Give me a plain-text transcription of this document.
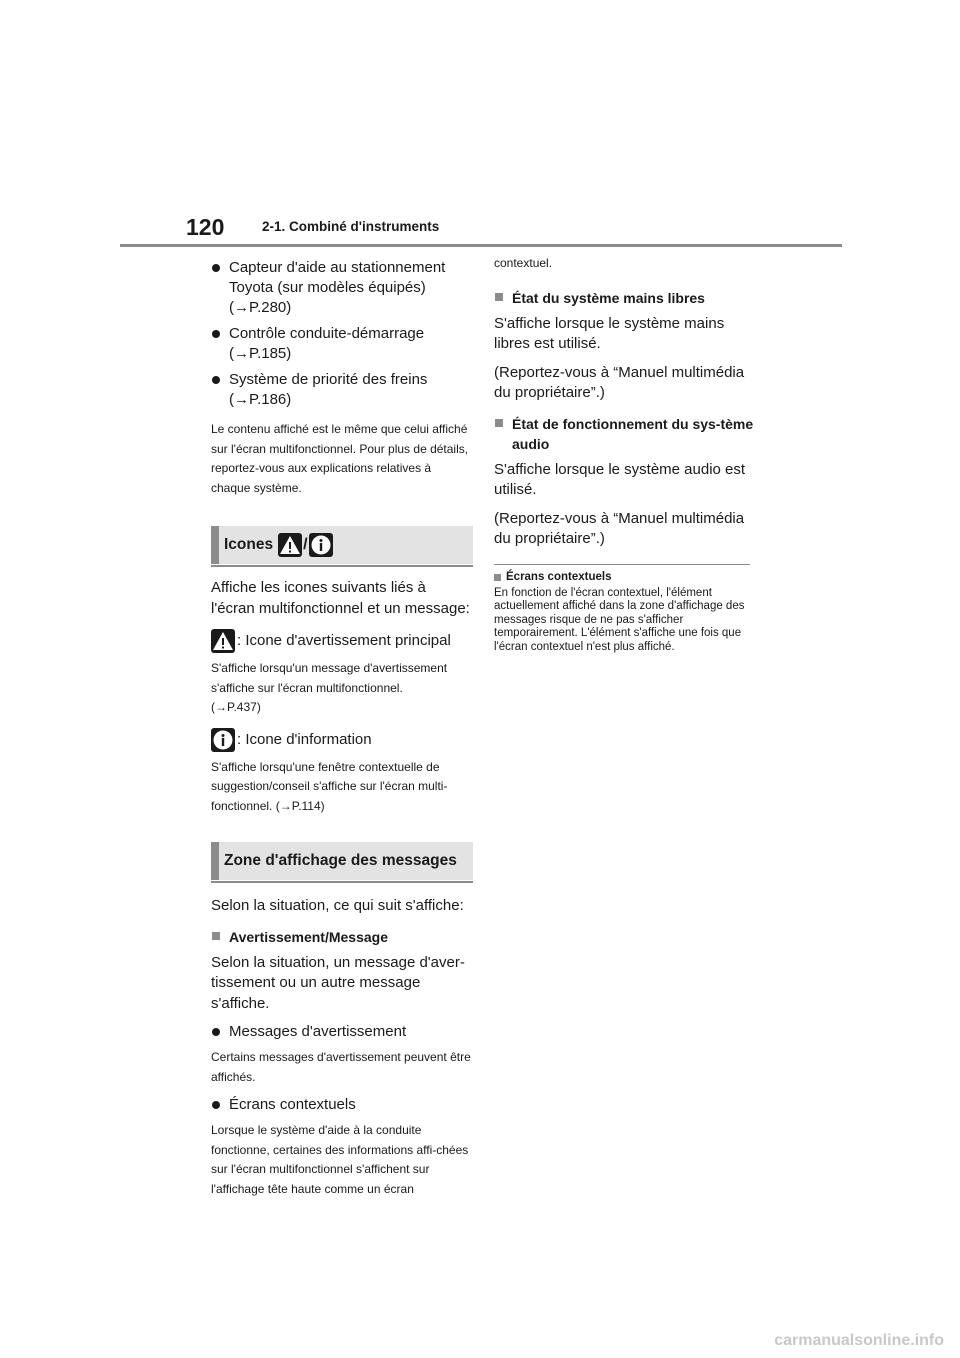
120	2-1. Combiné d'instruments
Capteur d'aide au stationnement Toyota (sur modèles équipés)
(→P.280)
Contrôle conduite-démarrage
(→P.185)
Système de priorité des freins
(→P.186)
Le contenu affiché est le même que celui affiché sur l'écran multifonctionnel. Pour plus de détails, reportez-vous aux explications relatives à chaque système.
Icones /
Affiche les icones suivants liés à l'écran multifonctionnel et un message:
: Icone d'avertissement principal
S'affiche lorsqu'un message d'avertissement s'affiche sur l'écran multifonctionnel.
(→P.437)
: Icone d'information
S'affiche lorsqu'une fenêtre contextuelle de suggestion/conseil s'affiche sur l'écran multi-fonctionnel. (→P.114)
Zone d'affichage des messages
Selon la situation, ce qui suit s'affiche:
Avertissement/Message
Selon la situation, un message d'aver-tissement ou un autre message s'affiche.
Messages d'avertissement
Certains messages d'avertissement peuvent être affichés.
Écrans contextuels
Lorsque le système d'aide à la conduite fonctionne, certaines des informations affi-chées sur l'écran multifonctionnel s'affichent sur l'affichage tête haute comme un écran
contextuel.
État du système mains libres
S'affiche lorsque le système mains libres est utilisé.
(Reportez-vous à “Manuel multimédia du propriétaire”.)
État de fonctionnement du sys-tème audio
S'affiche lorsque le système audio est utilisé.
(Reportez-vous à “Manuel multimédia du propriétaire”.)
Écrans contextuels
En fonction de l'écran contextuel, l'élément actuellement affiché dans la zone d'affichage des messages risque de ne pas s'afficher temporairement. L'élément s'affiche une fois que l'écran contextuel n'est plus affiché.
carmanualsonline.info
